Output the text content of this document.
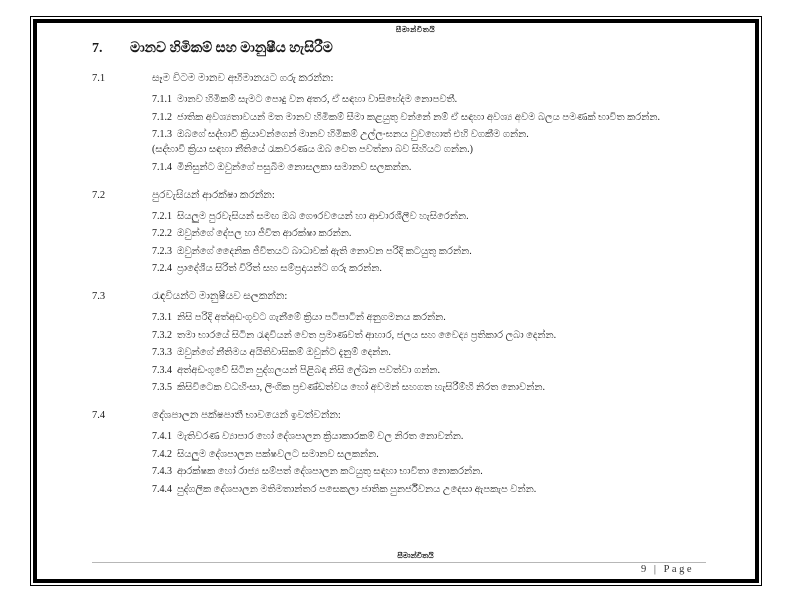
සීමාන්විතයි
7.	මානව හිමිකම් සහ මානුෂීය හැසිරීම
7.1	සෑම විටම මානව අභිමානයට ගරු කරන්න:

7.1.1 මානව හිමිකම් සැමට පොදු වන අතර, ඒ සඳහා වාසිභේදම නොපවතී.

7.1.2 ජාතික අවශ්‍යතාවයන් මත මානව හිමිකම් සීමා කළයුතු වන්නේ නම් ඒ සඳහා අවශ්‍ය අවම බලය පමණක් භාවිත කරන්න.

7.1.3 ඔබගේ සද්භාවී ක්‍රියාවන්ගෙන් මානව හිමිකම් උල්ලංඝනය වුවහොත් එහි වගකීම ගන්න.
(සද්භාවී ක්‍රියා සඳහා නීතියේ රැකවරණය ඔබ වෙත පවත්නා බව සිහියට ගන්න.)

7.1.4 මිනිසුන්ට ඔවුන්ගේ පසුබිම නොසලකා සමානව සලකන්න.

7.2	පුරවැසියන් ආරක්ෂා කරන්න:

7.2.1 සියලුම පුරවැසියන් සමඟ ඔබ ගෞරවයෙන් හා ආචාරශීලීව හැසිරෙන්න.

7.2.2 ඔවුන්ගේ දේපල හා ජීවිත ආරක්ෂා කරන්න.

7.2.3 ඔවුන්ගේ දෛනික ජීවිතයට බාධාවක් ඇති නොවන පරිදි කටයුතු කරන්න.

7.2.4 ප්‍රාදේශීය සිරිත් විරිත් සහ සම්ප්‍රදායන්ට ගරු කරන්න.

7.3	රැඳවියන්ට මානුෂීයව සලකන්න:

7.3.1 නිසි පරිදි අත්අඩංගුවට ගැනීමේ ක්‍රියා පටිපාටින් අනුගමනය කරන්න.

7.3.2 තමා භාරයේ සිටින රැඳවියන් වෙත ප්‍රමාණවත් ආහාර, ජලය සහ වෛද්‍ය ප්‍රතිකාර ලබා දෙන්න.

7.3.3 ඔවුන්ගේ නීතිමය අයිතිවාසිකම් ඔවුන්ට දැනුම් දෙන්න.

7.3.4 අත්අඩංගුවේ සිටින පුද්ගලයන් පිළිබඳ නිසි ලේඛන පවත්වා ගන්න.

7.3.5 කිසිවිටෙක වධහිංසා, ලිංගික ප්‍රචණ්ඩත්වය හෝ අවමන් සහගත හැසිරීම්හි නිරත නොවන්න.

7.4	දේශපාලන පක්ෂපාතී භාවයෙන් ඉවත්වන්න:

7.4.1 මැතිවරණ ව්‍යාපාර හෝ දේශපාලන ක්‍රියාකාරකම් වල නිරත නොවන්න.

7.4.2 සියලුම දේශපාලන පක්ෂවලට සමානව සලකන්න.

7.4.3 ආරක්ෂක හෝ රාජ්‍ය සම්පත් දේශපාලන කටයුතු සඳහා භාවිතා නොකරන්න.

7.4.4 පුද්ගලික දේශපාලන මතිමතාන්තර පසෙකලා ජාතික පුනර්ජීවනය උදෙසා ඇපකැප වන්න.

සීමාන්විතයි
9 | Page
